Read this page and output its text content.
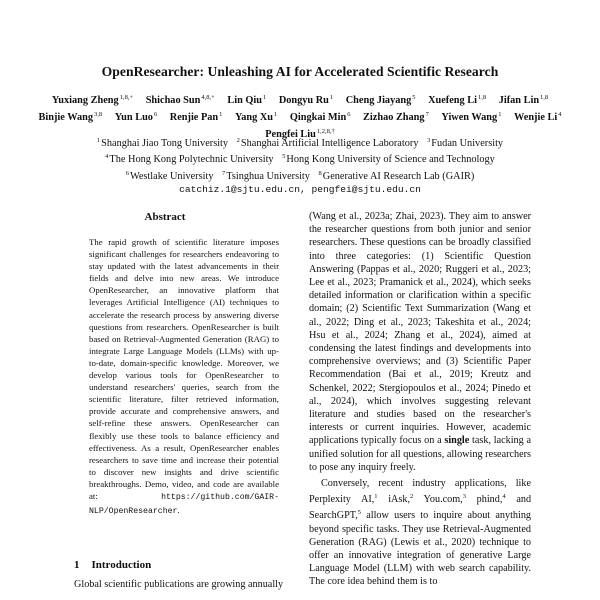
OpenResearcher: Unleashing AI for Accelerated Scientific Research
Yuxiang Zheng$^{1,8,+}$ Shichao Sun$^{4,8,+}$ Lin Qiu$^1$ Dongyu Ru$^1$ Cheng Jiayang$^5$ Xuefeng Li$^{1,8}$ Jifan Lin$^{1,8}$ Binjie Wang$^{3,8}$ Yun Luo$^6$ Renjie Pan$^1$ Yang Xu$^1$ Qingkai Min$^6$ Zizhao Zhang$^7$ Yiwen Wang$^1$ Wenjie Li$^4$ Pengfei Liu$^{1,2,8,\dagger}$
$^1$Shanghai Jiao Tong University $^2$Shanghai Artificial Intelligence Laboratory $^3$Fudan University
$^4$The Hong Kong Polytechnic University $^5$Hong Kong University of Science and Technology
$^6$Westlake University $^7$Tsinghua University $^8$Generative AI Research Lab (GAIR)
catchiz.1@sjtu.edu.cn, pengfei@sjtu.edu.cn
Abstract
The rapid growth of scientific literature imposes significant challenges for researchers endeavoring to stay updated with the latest advancements in their fields and delve into new areas. We introduce OpenResearcher, an innovative platform that leverages Artificial Intelligence (AI) techniques to accelerate the research process by answering diverse questions from researchers. OpenResearcher is built based on Retrieval-Augmented Generation (RAG) to integrate Large Language Models (LLMs) with up-to-date, domain-specific knowledge. Moreover, we develop various tools for OpenResearcher to understand researchers' queries, search from the scientific literature, filter retrieved information, provide accurate and comprehensive answers, and self-refine these answers. OpenResearcher can flexibly use these tools to balance efficiency and effectiveness. As a result, OpenResearcher enables researchers to save time and increase their potential to discover new insights and drive scientific breakthroughs. Demo, video, and code are available at:	https://github.com/GAIR-NLP/OpenResearcher.
1 Introduction
Global scientific publications are growing annually

(Wang et al., 2023a; Zhai, 2023). They aim to answer the researcher questions from both junior and senior researchers. These questions can be broadly classified into three categories: (1) Scientific Question Answering (Pappas et al., 2020; Ruggeri et al., 2023; Lee et al., 2023; Pramanick et al., 2024), which seeks detailed information or clarification within a specific domain; (2) Scientific Text Summarization (Wang et al., 2022; Ding et al., 2023; Takeshita et al., 2024; Hsu et al., 2024; Zhang et al., 2024), aimed at condensing the latest findings and developments into comprehensive overviews; and (3) Scientific Paper Recommendation (Bai et al., 2019; Kreutz and Schenkel, 2022; Stergiopoulos et al., 2024; Pinedo et al., 2024), which involves suggesting relevant literature and studies based on the researcher's interests or current inquiries. However, academic applications typically focus on a single task, lacking a unified solution for all questions, allowing researchers to pose any inquiry freely.

Conversely, recent industry applications, like Perplexity AI,$^1$ iAsk,$^2$ You.com,$^3$ phind,$^4$ and SearchGPT,$^5$ allow users to inquire about anything beyond specific tasks. They use Retrieval-Augmented Generation (RAG) (Lewis et al., 2020) technique to offer an innovative integration of generative Large Language Model (LLM) with web search capability. The core idea behind them is to
